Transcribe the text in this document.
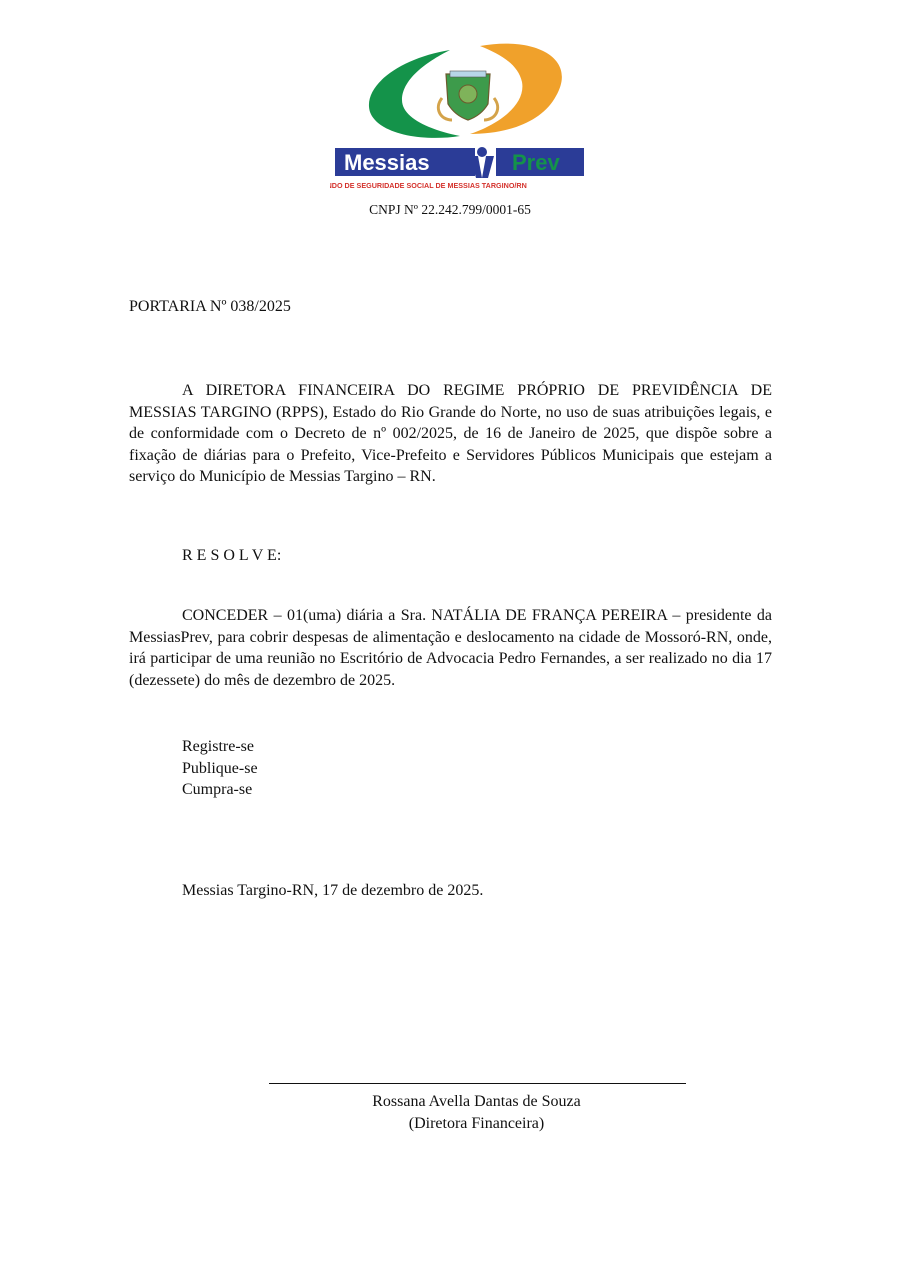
Messias	Prev
FUNDO DE SEGURIDADE SOCIAL DE MESSIAS TARGINO/RN
CNPJ Nº 22.242.799/0001-65
PORTARIA Nº 038/2025

A DIRETORA FINANCEIRA DO REGIME PRÓPRIO DE PREVIDÊNCIA DE MESSIAS TARGINO (RPPS), Estado do Rio Grande do Norte, no uso de suas atribuições legais, e de conformidade com o Decreto de nº 002/2025, de 16 de Janeiro de 2025, que dispõe sobre a fixação de diárias para o Prefeito, Vice-Prefeito e Servidores Públicos Municipais que estejam a serviço do Município de Messias Targino – RN.

R E S O L V E:

CONCEDER – 01(uma) diária a Sra. NATÁLIA DE FRANÇA PEREIRA – presidente da MessiasPrev, para cobrir despesas de alimentação e deslocamento na cidade de Mossoró-RN, onde, irá participar de uma reunião no Escritório de Advocacia Pedro Fernandes, a ser realizado no dia 17 (dezessete) do mês de dezembro de 2025.

Registre-se
Publique-se
Cumpra-se
Messias Targino-RN, 17 de dezembro de 2025.
Rossana Avella Dantas de Souza
(Diretora Financeira)
